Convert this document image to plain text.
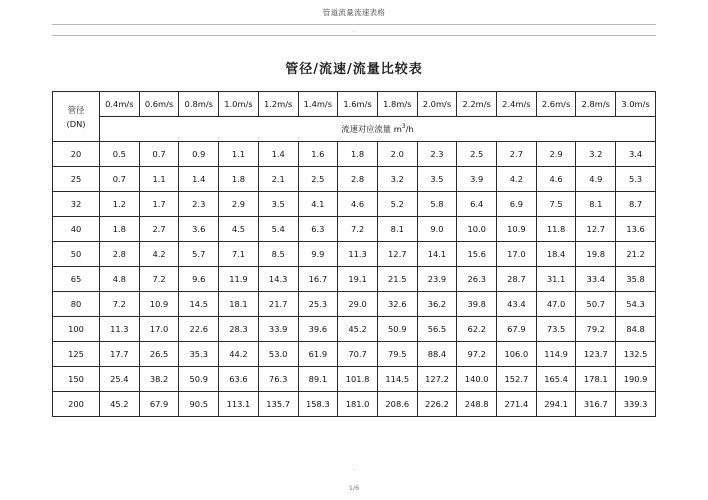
管道流量流速表格
.
管径/流速/流量比较表
管径
(DN)	0.4m/s	0.6m/s	0.8m/s	1.0m/s	1.2m/s	1.4m/s	1.6m/s	1.8m/s	2.0m/s	2.2m/s	2.4m/s	2.6m/s	2.8m/s	3.0m/s
	流速对应流量 $m^3/h$													
20	0.5	0.7	0.9	1.1	1.4	1.6	1.8	2.0	2.3	2.5	2.7	2.9	3.2	3.4
25	0.7	1.1	1.4	1.8	2.1	2.5	2.8	3.2	3.5	3.9	4.2	4.6	4.9	5.3
32	1.2	1.7	2.3	2.9	3.5	4.1	4.6	5.2	5.8	6.4	6.9	7.5	8.1	8.7
40	1.8	2.7	3.6	4.5	5.4	6.3	7.2	8.1	9.0	10.0	10.9	11.8	12.7	13.6
50	2.8	4.2	5.7	7.1	8.5	9.9	11.3	12.7	14.1	15.6	17.0	18.4	19.8	21.2
65	4.8	7.2	9.6	11.9	14.3	16.7	19.1	21.5	23.9	26.3	28.7	31.1	33.4	35.8
80	7.2	10.9	14.5	18.1	21.7	25.3	29.0	32.6	36.2	39.8	43.4	47.0	50.7	54.3
100	11.3	17.0	22.6	28.3	33.9	39.6	45.2	50.9	56.5	62.2	67.9	73.5	79.2	84.8
125	17.7	26.5	35.3	44.2	53.0	61.9	70.7	79.5	88.4	97.2	106.0	114.9	123.7	132.5
150	25.4	38.2	50.9	63.6	76.3	89.1	101.8	114.5	127.2	140.0	152.7	165.4	178.1	190.9
200	45.2	67.9	90.5	113.1	135.7	158.3	181.0	208.6	226.2	248.8	271.4	294.1	316.7	339.3
.
1/6
